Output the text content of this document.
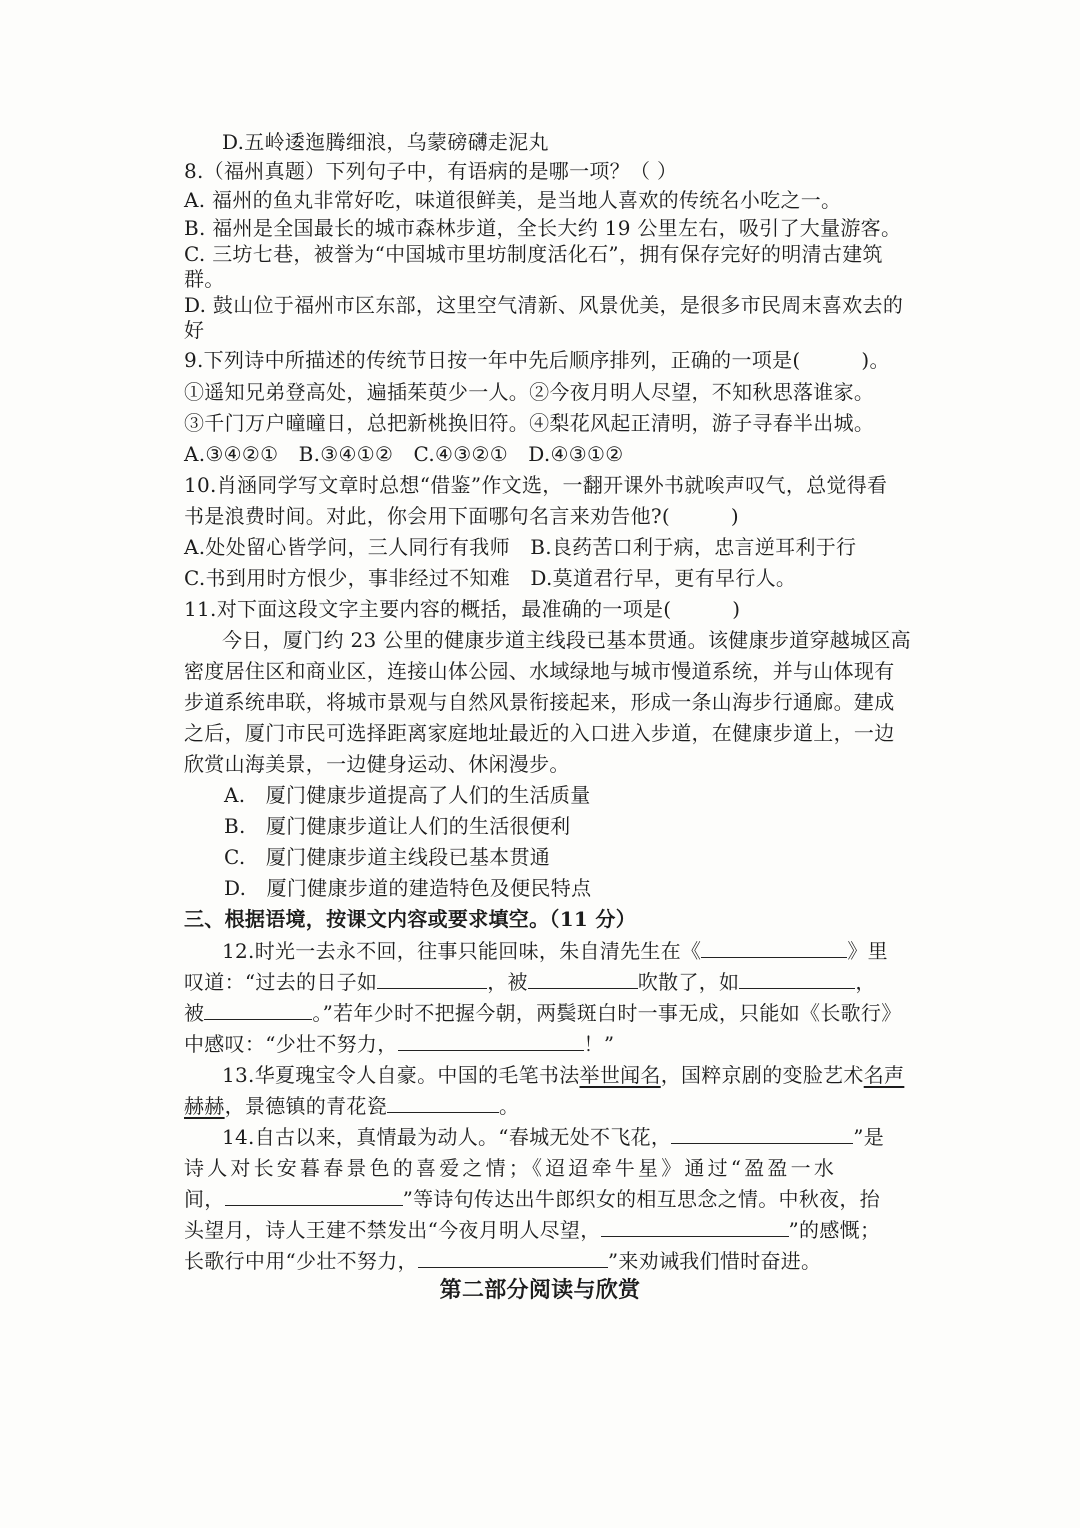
D.五岭逶迤腾细浪，乌蒙磅礴走泥丸
8.（福州真题）下列句子中，有语病的是哪一项？（ ）
A. 福州的鱼丸非常好吃，味道很鲜美，是当地人喜欢的传统名小吃之一。
B. 福州是全国最长的城市森林步道，全长大约 19 公里左右，吸引了大量游客。
C. 三坊七巷，被誉为“中国城市里坊制度活化石”，拥有保存完好的明清古建筑
群。
D. 鼓山位于福州市区东部，这里空气清新、风景优美，是很多市民周末喜欢去的
好
9.下列诗中所描述的传统节日按一年中先后顺序排列，正确的一项是(　　　)。
①遥知兄弟登高处，遍插茱萸少一人。②今夜月明人尽望，不知秋思落谁家。
③千门万户曈曈日，总把新桃换旧符。④梨花风起正清明，游子寻春半出城。
A.③④②①　B.③④①②　C.④③②①　D.④③①②
10.肖涵同学写文章时总想“借鉴”作文选，一翻开课外书就唉声叹气，总觉得看
书是浪费时间。对此，你会用下面哪句名言来劝告他?(　　　)
A.处处留心皆学问，三人同行有我师　B.良药苦口利于病，忠言逆耳利于行
C.书到用时方恨少，事非经过不知难　D.莫道君行早，更有早行人。
11.对下面这段文字主要内容的概括，最准确的一项是(　　　)
今日，厦门约 23 公里的健康步道主线段已基本贯通。该健康步道穿越城区高
密度居住区和商业区，连接山体公园、水域绿地与城市慢道系统，并与山体现有
步道系统串联，将城市景观与自然风景衔接起来，形成一条山海步行通廊。建成
之后，厦门市民可选择距离家庭地址最近的入口进入步道，在健康步道上，一边
欣赏山海美景，一边健身运动、休闲漫步。
A.　厦门健康步道提高了人们的生活质量
B.　厦门健康步道让人们的生活很便利
C.　厦门健康步道主线段已基本贯通
D.　厦门健康步道的建造特色及便民特点
三、根据语境，按课文内容或要求填空。（11 分）
12.时光一去永不回，往事只能回味，朱自清先生在《	》里
叹道：“过去的日子如	，被	吹散了，如	，
被	。”若年少时不把握今朝，两鬓斑白时一事无成，只能如《长歌行》
中感叹：“少壮不努力，	！”
13.华夏瑰宝令人自豪。中国的毛笔书法举世闻名，国粹京剧的变脸艺术名声
赫赫，景德镇的青花瓷	。
14.自古以来，真情最为动人。“春城无处不飞花，	”是
诗人对长安暮春景色的喜爱之情；《迢迢牵牛星》通过“盈盈一水
间，	”等诗句传达出牛郎织女的相互思念之情。中秋夜，抬
头望月，诗人王建不禁发出“今夜月明人尽望，	”的感慨；
长歌行中用“少壮不努力，	”来劝诫我们惜时奋进。
第二部分阅读与欣赏
